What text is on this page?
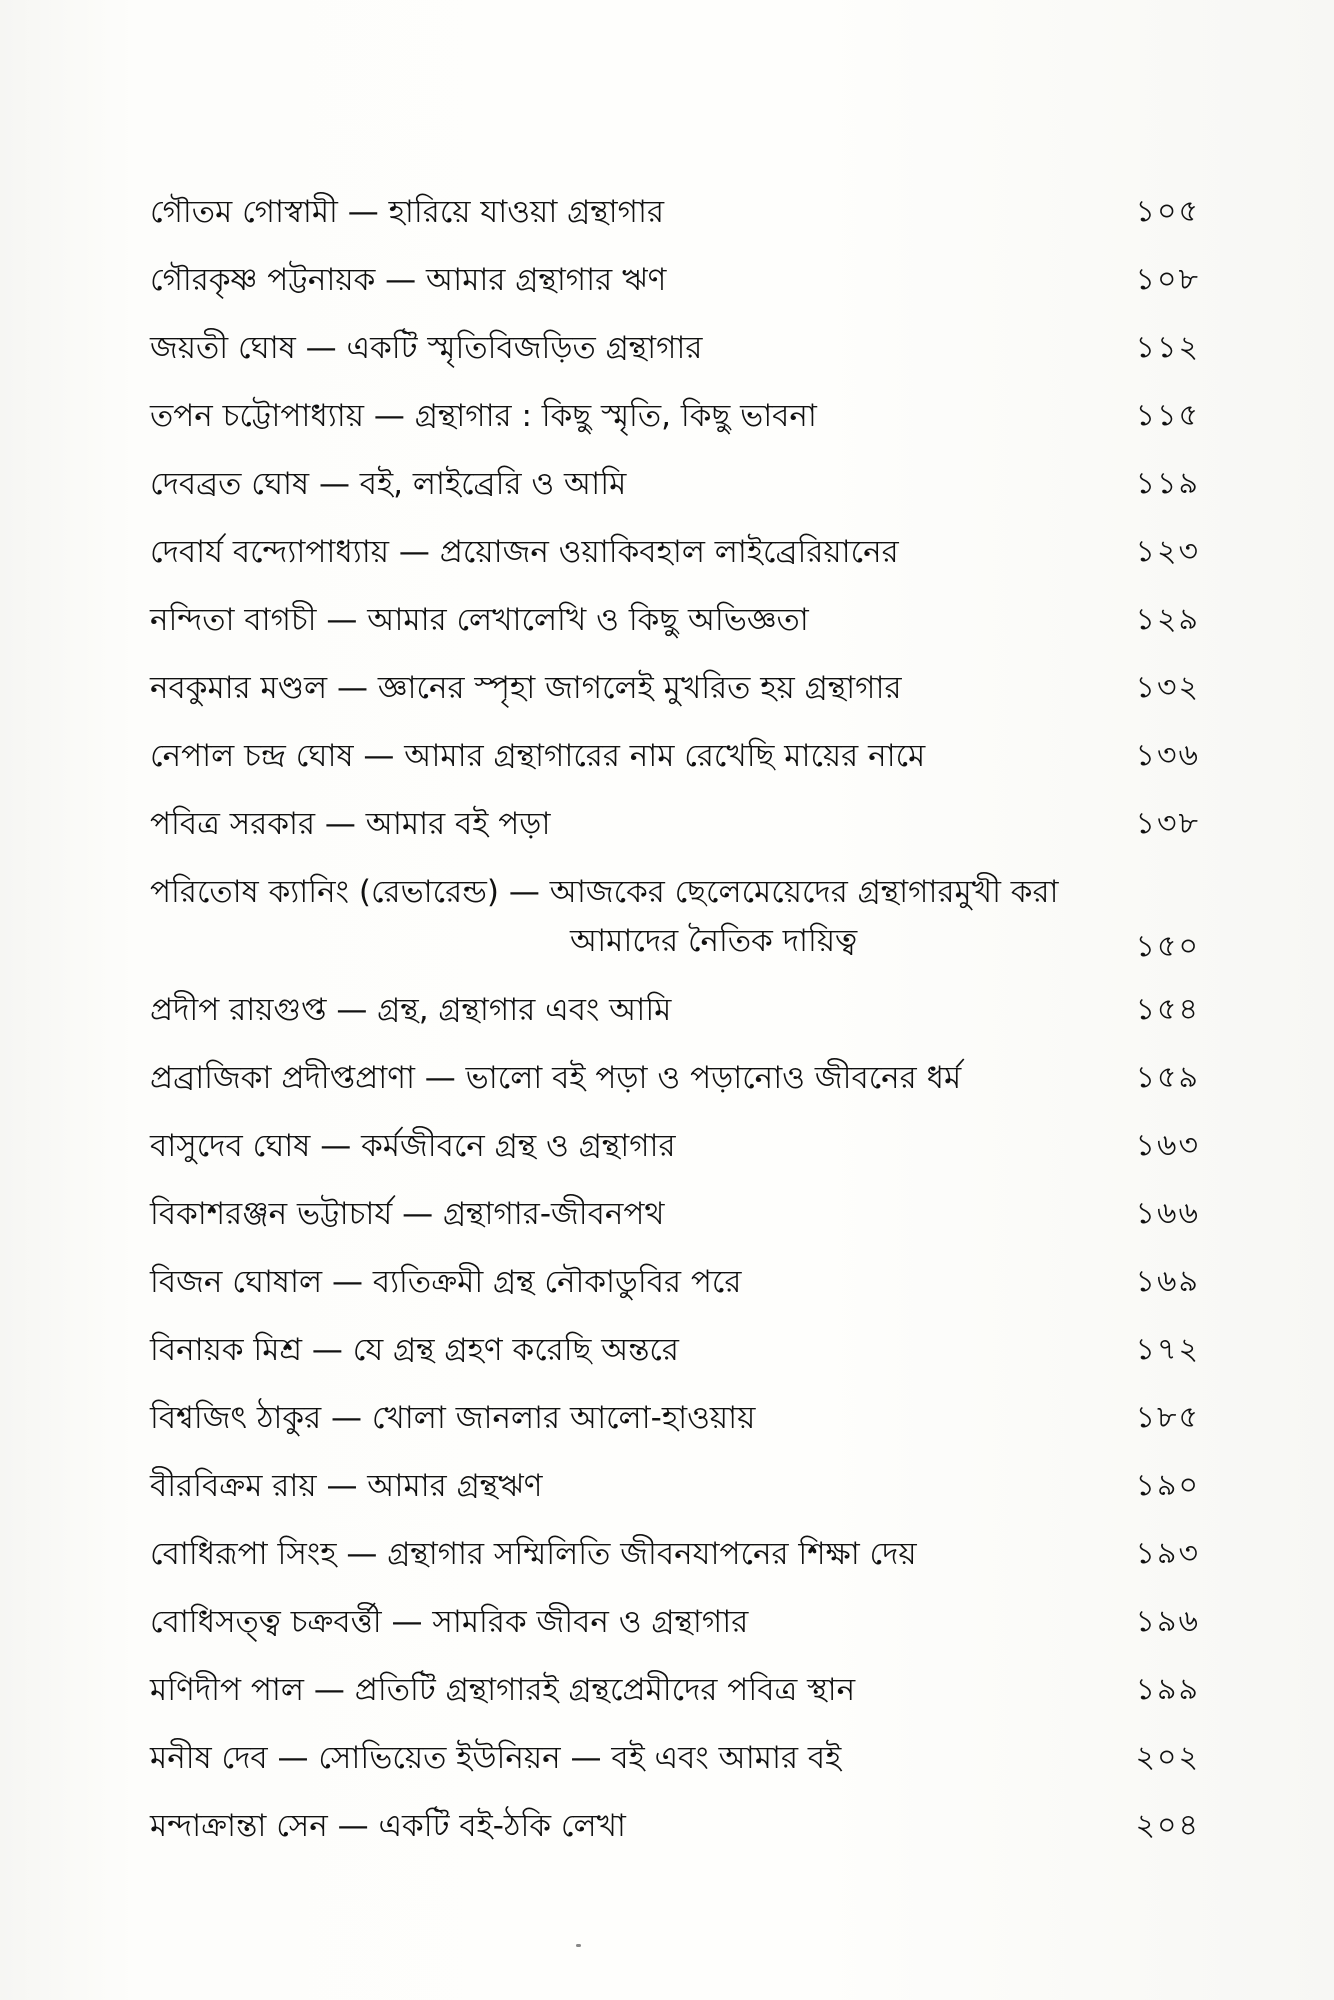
গৌতম গোস্বামী — হারিয়ে যাওয়া গ্রন্থাগার	১০৫
গৌরকৃষ্ণ পট্টনায়ক — আমার গ্রন্থাগার ঋণ	১০৮
জয়তী ঘোষ — একটি স্মৃতিবিজড়িত গ্রন্থাগার	১১২
তপন চট্টোপাধ্যায় — গ্রন্থাগার : কিছু স্মৃতি, কিছু ভাবনা	১১৫
দেবব্রত ঘোষ — বই, লাইব্রেরি ও আমি	১১৯
দেবার্য বন্দ্যোপাধ্যায় — প্রয়োজন ওয়াকিবহাল লাইব্রেরিয়ানের	১২৩
নন্দিতা বাগচী — আমার লেখালেখি ও কিছু অভিজ্ঞতা	১২৯
নবকুমার মণ্ডল — জ্ঞানের স্পৃহা জাগলেই মুখরিত হয় গ্রন্থাগার	১৩২
নেপাল চন্দ্র ঘোষ — আমার গ্রন্থাগারের নাম রেখেছি মায়ের নামে	১৩৬
পবিত্র সরকার — আমার বই পড়া	১৩৮
পরিতোষ ক্যানিং (রেভারেন্ড) — আজকের ছেলেমেয়েদের গ্রন্থাগারমুখী করা
আমাদের নৈতিক দায়িত্ব	১৫০
প্রদীপ রায়গুপ্ত — গ্রন্থ, গ্রন্থাগার এবং আমি	১৫৪
প্রব্রাজিকা প্রদীপ্তপ্রাণা — ভালো বই পড়া ও পড়ানোও জীবনের ধর্ম	১৫৯
বাসুদেব ঘোষ — কর্মজীবনে গ্রন্থ ও গ্রন্থাগার	১৬৩
বিকাশরঞ্জন ভট্টাচার্য — গ্রন্থাগার-জীবনপথ	১৬৬
বিজন ঘোষাল — ব্যতিক্রমী গ্রন্থ নৌকাডুবির পরে	১৬৯
বিনায়ক মিশ্র — যে গ্রন্থ গ্রহণ করেছি অন্তরে	১৭২
বিশ্বজিৎ ঠাকুর — খোলা জানলার আলো-হাওয়ায়	১৮৫
বীরবিক্রম রায় — আমার গ্রন্থঋণ	১৯০
বোধিরূপা সিংহ — গ্রন্থাগার সম্মিলিতি জীবনযাপনের শিক্ষা দেয়	১৯৩
বোধিসত্ত্ব চক্রবর্ত্তী — সামরিক জীবন ও গ্রন্থাগার	১৯৬
মণিদীপ পাল — প্রতিটি গ্রন্থাগারই গ্রন্থপ্রেমীদের পবিত্র স্থান	১৯৯
মনীষ দেব — সোভিয়েত ইউনিয়ন — বই এবং আমার বই	২০২
মন্দাক্রান্তা সেন — একটি বই-ঠকি লেখা	২০৪
